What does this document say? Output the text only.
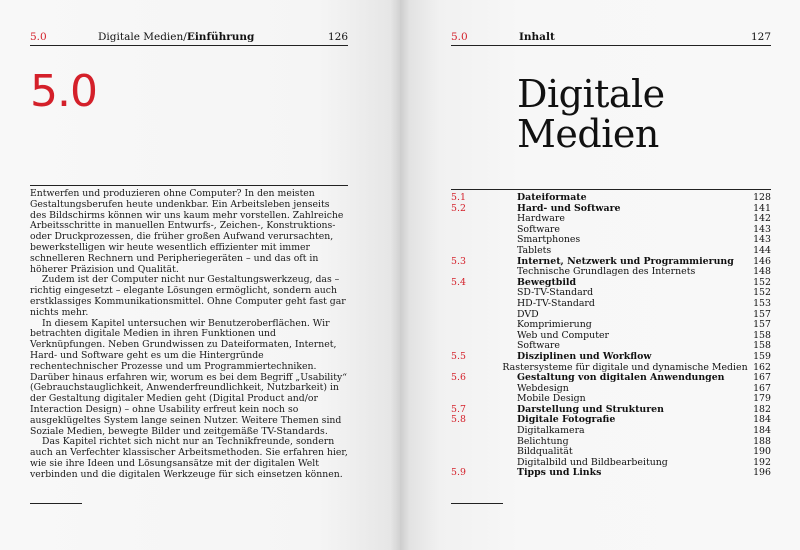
5.0	Digitale Medien/Einführung	126
5.0

Entwerfen und produzieren ohne Computer? In den meisten Gestaltungsberufen heute undenkbar. Ein Arbeitsleben jenseits des Bildschirms können wir uns kaum mehr vorstellen. Zahlreiche Arbeitsschritte in manuellen Entwurfs-, Zeichen-, Konstruktions- oder Druckprozessen, die früher großen Aufwand verursachten, bewerkstelligen wir heute wesentlich effizienter mit immer schnelleren Rechnern und Peripheriegeräten – und das oft in höherer Präzision und Qualität.

Zudem ist der Computer nicht nur Gestaltungswerkzeug, das – richtig eingesetzt – elegante Lösungen ermöglicht, sondern auch erstklassiges Kommunikationsmittel. Ohne Computer geht fast gar nichts mehr.

In diesem Kapitel untersuchen wir Benutzeroberflächen. Wir betrachten digitale Medien in ihren Funktionen und Verknüpfungen. Neben Grundwissen zu Dateiformaten, Internet, Hard- und Software geht es um die Hintergründe rechentechnischer Prozesse und um Programmiertechniken. Darüber hinaus erfahren wir, worum es bei dem Begriff „Usability“ (Gebrauchstauglichkeit, Anwenderfreundlichkeit, Nutzbarkeit) in der Gestaltung digitaler Medien geht (Digital Product and/or Interaction Design) – ohne Usability erfreut kein noch so ausgeklügeltes System lange seinen Nutzer. Weitere Themen sind Soziale Medien, bewegte Bilder und zeitgemäße TV-Standards.

Das Kapitel richtet sich nicht nur an Technikfreunde, sondern auch an Verfechter klassischer Arbeitsmethoden. Sie erfahren hier, wie sie ihre Ideen und Lösungsansätze mit der digitalen Welt verbinden und die digitalen Werkzeuge für sich einsetzen können.

5.0	Inhalt	127
Digitale
Medien
5.1	Dateiformate	128
5.2	Hard- und Software	141
Hardware	142
Software	143
Smartphones	143
Tablets	144
5.3	Internet, Netzwerk und Programmierung	146
Technische Grundlagen des Internets	148
5.4	Bewegtbild	152
SD-TV-Standard	152
HD-TV-Standard	153
DVD	157
Komprimierung	157
Web und Computer	158
Software	158
5.5	Disziplinen und Workflow	159
Rastersysteme für digitale und dynamische Medien 162
5.6	Gestaltung von digitalen Anwendungen	167
Webdesign	167
Mobile Design	179
5.7	Darstellung und Strukturen	182
5.8	Digitale Fotografie	184
Digitalkamera	184
Belichtung	188
Bildqualität	190
Digitalbild und Bildbearbeitung	192
5.9	Tipps und Links	196
